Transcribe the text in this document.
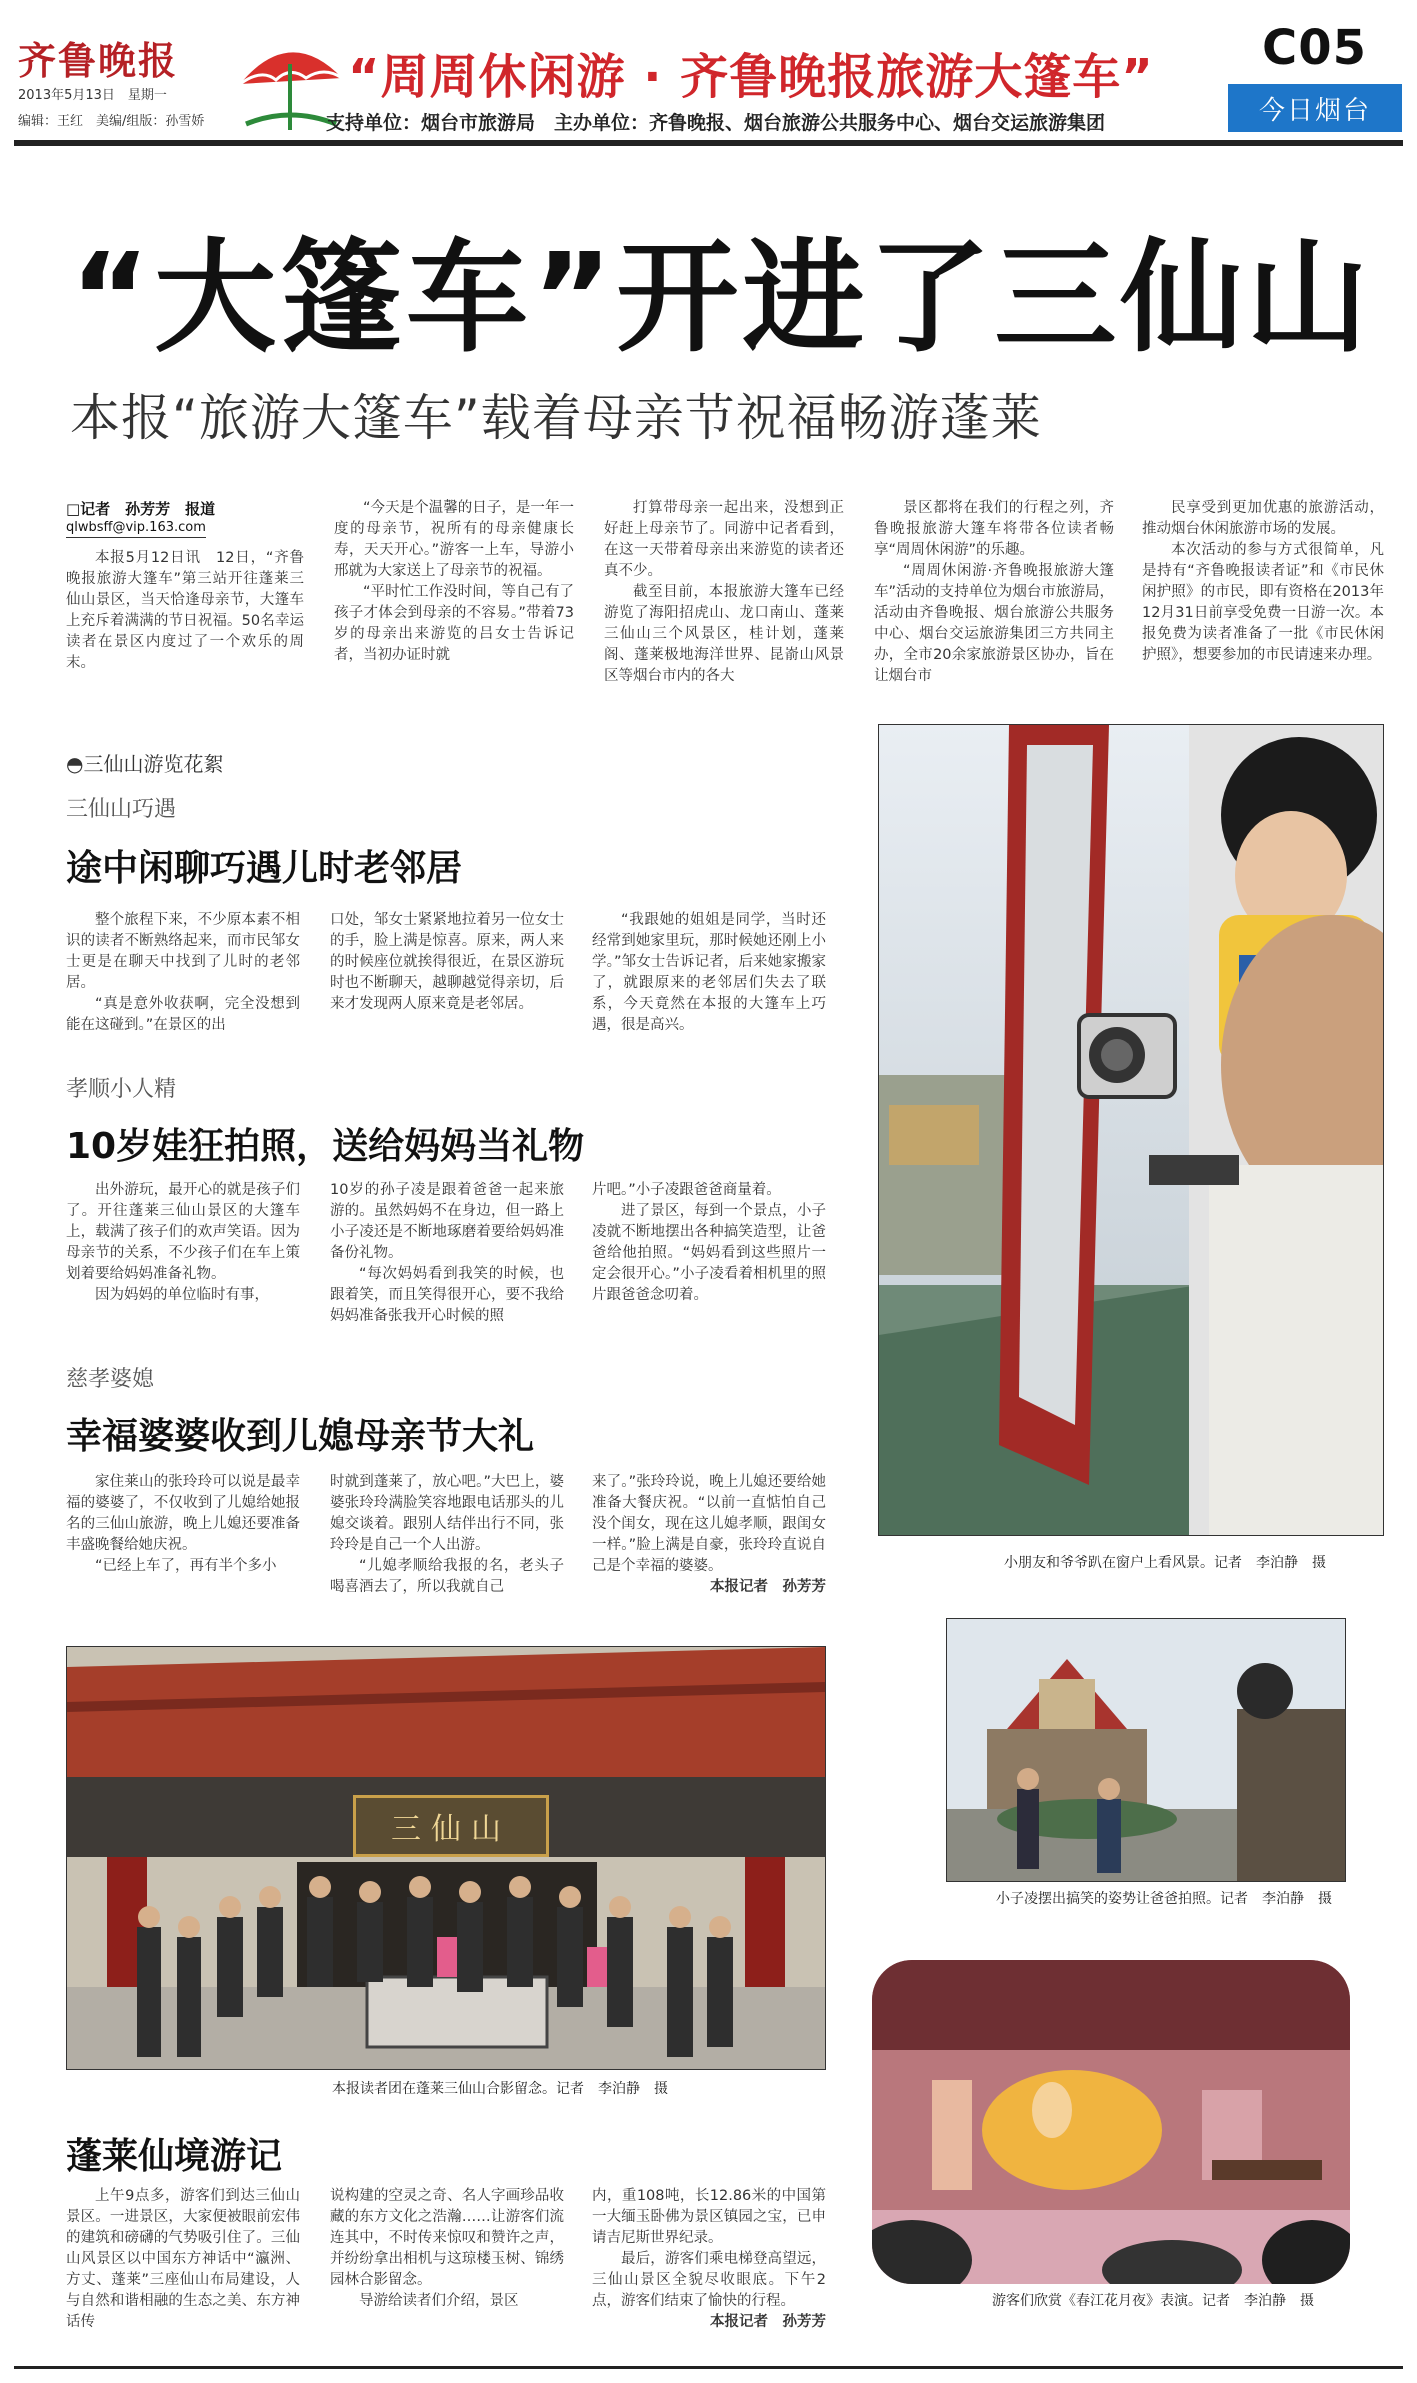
齐鲁晚报
2013年5月13日　星期一
编辑：王红　美编/组版：孙雪娇
“周周休闲游 · 齐鲁晚报旅游大篷车”
支持单位：烟台市旅游局　主办单位：齐鲁晚报、烟台旅游公共服务中心、烟台交运旅游集团
C05
今日烟台
“大篷车”开进了三仙山
本报“旅游大篷车”载着母亲节祝福畅游蓬莱
□记者　孙芳芳　报道
qlwbsff@vip.163.com

本报5月12日讯　12日，“齐鲁晚报旅游大篷车”第三站开往蓬莱三仙山景区，当天恰逢母亲节，大篷车上充斥着满满的节日祝福。50名幸运读者在景区内度过了一个欢乐的周末。

“今天是个温馨的日子，是一年一度的母亲节，祝所有的母亲健康长寿，天天开心。”游客一上车，导游小邢就为大家送上了母亲节的祝福。

“平时忙工作没时间，等自己有了孩子才体会到母亲的不容易。”带着73岁的母亲出来游览的吕女士告诉记者，当初办证时就

打算带母亲一起出来，没想到正好赶上母亲节了。同游中记者看到，在这一天带着母亲出来游览的读者还真不少。

截至目前，本报旅游大篷车已经游览了海阳招虎山、龙口南山、蓬莱三仙山三个风景区，桂计划，蓬莱阁、蓬莱极地海洋世界、昆嵛山风景区等烟台市内的各大

景区都将在我们的行程之列，齐鲁晚报旅游大篷车将带各位读者畅享“周周休闲游”的乐趣。

“周周休闲游·齐鲁晚报旅游大篷车”活动的支持单位为烟台市旅游局，活动由齐鲁晚报、烟台旅游公共服务中心、烟台交运旅游集团三方共同主办，全市20余家旅游景区协办，旨在让烟台市

民享受到更加优惠的旅游活动，推动烟台休闲旅游市场的发展。

本次活动的参与方式很简单，凡是持有“齐鲁晚报读者证”和《市民休闲护照》的市民，即有资格在2013年12月31日前享受免费一日游一次。本报免费为读者准备了一批《市民休闲护照》，想要参加的市民请速来办理。

◓三仙山游览花絮
三仙山巧遇
途中闲聊巧遇儿时老邻居

整个旅程下来，不少原本素不相识的读者不断熟络起来，而市民邹女士更是在聊天中找到了儿时的老邻居。

“真是意外收获啊，完全没想到能在这碰到。”在景区的出

口处，邹女士紧紧地拉着另一位女士的手，脸上满是惊喜。原来，两人来的时候座位就挨得很近，在景区游玩时也不断聊天，越聊越觉得亲切，后来才发现两人原来竟是老邻居。

“我跟她的姐姐是同学，当时还经常到她家里玩，那时候她还刚上小学。”邹女士告诉记者，后来她家搬家了，就跟原来的老邻居们失去了联系，今天竟然在本报的大篷车上巧遇，很是高兴。

孝顺小人精
10岁娃狂拍照，送给妈妈当礼物

出外游玩，最开心的就是孩子们了。开往蓬莱三仙山景区的大篷车上，载满了孩子们的欢声笑语。因为母亲节的关系，不少孩子们在车上策划着要给妈妈准备礼物。

因为妈妈的单位临时有事，

10岁的孙子凌是跟着爸爸一起来旅游的。虽然妈妈不在身边，但一路上小子凌还是不断地琢磨着要给妈妈准备份礼物。

“每次妈妈看到我笑的时候，也跟着笑，而且笑得很开心，要不我给妈妈准备张我开心时候的照

片吧。”小子凌跟爸爸商量着。

进了景区，每到一个景点，小子凌就不断地摆出各种搞笑造型，让爸爸给他拍照。“妈妈看到这些照片一定会很开心。”小子凌看着相机里的照片跟爸爸念叨着。

慈孝婆媳
幸福婆婆收到儿媳母亲节大礼

家住莱山的张玲玲可以说是最幸福的婆婆了，不仅收到了儿媳给她报名的三仙山旅游，晚上儿媳还要准备丰盛晚餐给她庆祝。

“已经上车了，再有半个多小

时就到蓬莱了，放心吧。”大巴上，婆婆张玲玲满脸笑容地跟电话那头的儿媳交谈着。跟别人结伴出行不同，张玲玲是自己一个人出游。

“儿媳孝顺给我报的名，老头子喝喜酒去了，所以我就自己

来了。”张玲玲说，晚上儿媳还要给她准备大餐庆祝。“以前一直惦怕自己没个闺女，现在这儿媳孝顺，跟闺女一样。”脸上满是自豪，张玲玲直说自己是个幸福的婆婆。

本报记者　孙芳芳

小朋友和爷爷趴在窗户上看风景。记者　李泊静　摄
小子凌摆出搞笑的姿势让爸爸拍照。记者　李泊静　摄
三仙山
本报读者团在蓬莱三仙山合影留念。记者　李泊静　摄
游客们欣赏《春江花月夜》表演。记者　李泊静　摄
蓬莱仙境游记

上午9点多，游客们到达三仙山景区。一进景区，大家便被眼前宏伟的建筑和磅礴的气势吸引住了。三仙山风景区以中国东方神话中“瀛洲、方丈、蓬莱”三座仙山布局建设，人与自然和谐相融的生态之美、东方神话传

说构建的空灵之奇、名人字画珍品收藏的东方文化之浩瀚……让游客们流连其中，不时传来惊叹和赞许之声，并纷纷拿出相机与这琼楼玉树、锦绣园林合影留念。

导游给读者们介绍，景区

内，重108吨，长12.86米的中国第一大缅玉卧佛为景区镇园之宝，已申请吉尼斯世界纪录。

最后，游客们乘电梯登高望远，三仙山景区全貌尽收眼底。下午2点，游客们结束了愉快的行程。

本报记者　孙芳芳
